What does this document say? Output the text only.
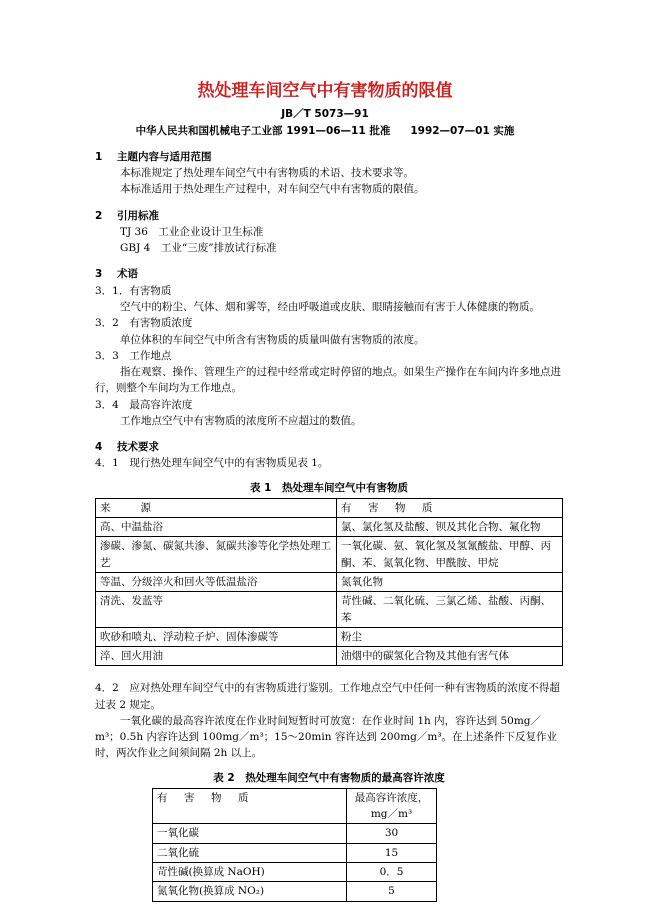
热处理车间空气中有害物质的限值
JB／T 5073—91
中华人民共和国机械电子工业部 1991—06—11 批准 1992—07—01 实施
1 主题内容与适用范围
本标准规定了热处理车间空气中有害物质的术语、技术要求等。
本标准适用于热处理生产过程中，对车间空气中有害物质的限值。
2 引用标准
TJ 36　工业企业设计卫生标准
GBJ 4　工业“三废”排放试行标准
3 术语
3．1．有害物质
空气中的粉尘、气体、烟和雾等，经由呼吸道或皮肤、眼睛接触而有害于人体健康的物质。
3．2　有害物质浓度
单位体积的车间空气中所含有害物质的质量叫做有害物质的浓度。
3．3　工作地点
指在观察、操作、管理生产的过程中经常或定时停留的地点。如果生产操作在车间内许多地点进行，则整个车间均为工作地点。
3．4　最高容许浓度
工作地点空气中有害物质的浓度所不应超过的数值。
4 技术要求
4．1　现行热处理车间空气中的有害物质见表 1。
表 1　热处理车间空气中有害物质
来　　源	有　害　物　质
高、中温盐浴	氯、氯化氢及盐酸、钡及其化合物、氟化物
渗碳、渗氮、碳氮共渗、氮碳共渗等化学热处理工艺	一氧化碳、氨、氧化氢及氢氰酸盐、甲醇、丙酮、苯、氮氧化物、甲酰胺、甲烷
等温、分级淬火和回火等低温盐浴	氮氧化物
清洗、发蓝等	苛性碱、二氧化硫、三氯乙烯、盐酸、丙酮、苯
吹砂和喷丸、浮动粒子炉、固体渗碳等	粉尘
淬、回火用油	油烟中的碳氢化合物及其他有害气体
4．2　应对热处理车间空气中的有害物质进行鉴别。工作地点空气中任何一种有害物质的浓度不得超过表 2 规定。
一氧化碳的最高容许浓度在作业时间短暂时可放宽：在作业时间 1h 内，容许达到 50mg／m³；0.5h 内容许达到 100mg／m³；15～20min 容许达到 200mg／m³。在上述条件下反复作业时，两次作业之间须间隔 2h 以上。
表 2　热处理车间空气中有害物质的最高容许浓度
有　害　物　质	最高容许浓度，mg／m³
一氧化碳	30
二氧化硫	15
苛性碱(换算成 NaOH)	0．5
氮氧化物(换算成 NO₂)	5
